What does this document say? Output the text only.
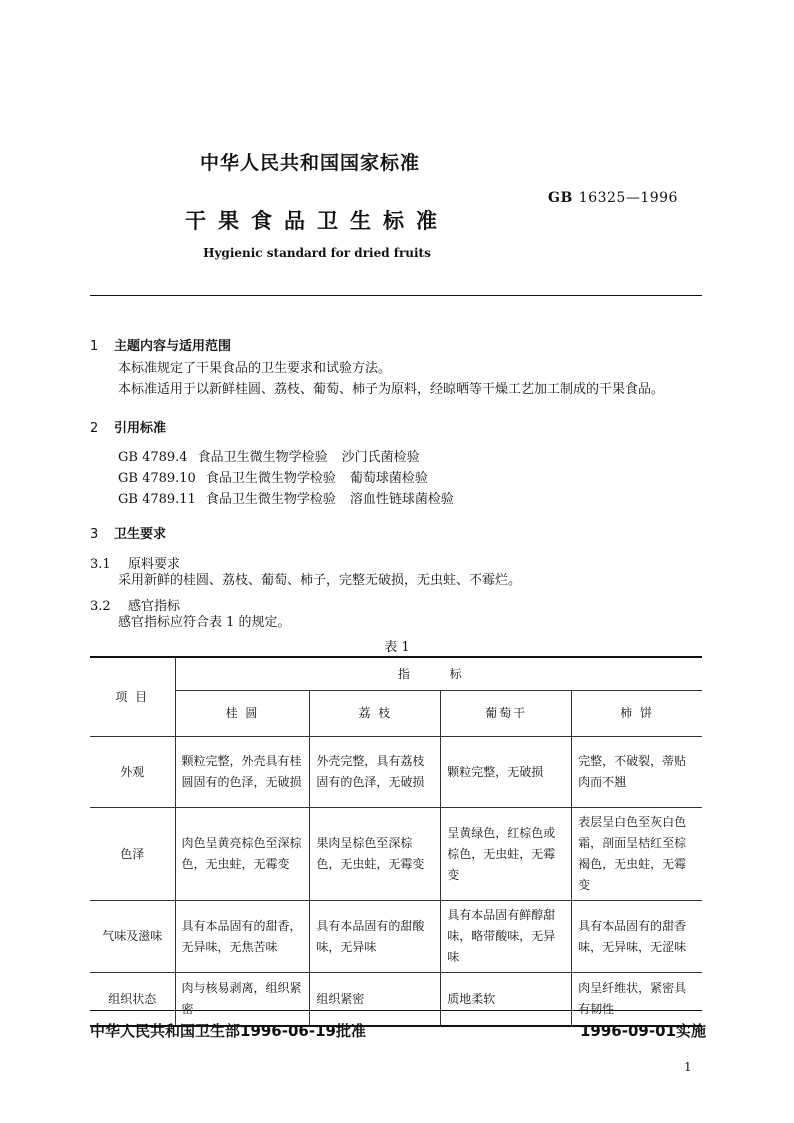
中华人民共和国国家标准
GB 16325—1996
干果食品卫生标准
Hygienic standard for dried fruits
1 主题内容与适用范围
本标准规定了干果食品的卫生要求和试验方法。
本标准适用于以新鲜桂圆、荔枝、葡萄、柿子为原料，经晾晒等干燥工艺加工制成的干果食品。
2 引用标准
GB 4789.4 食品卫生微生物学检验 沙门氏菌检验
GB 4789.10 食品卫生微生物学检验 葡萄球菌检验
GB 4789.11 食品卫生微生物学检验 溶血性链球菌检验
3 卫生要求
3.1 原料要求
采用新鲜的桂圆、荔枝、葡萄、柿子，完整无破损，无虫蛀、不霉烂。
3.2 感官指标
感官指标应符合表 1 的规定。
表 1
项 目	指 标			
	桂 圆	荔 枝	葡萄干	柿 饼
外观	颗粒完整，外壳具有桂圆固有的色泽，无破损	外壳完整，具有荔枝固有的色泽，无破损	颗粒完整，无破损	完整，不破裂，蒂贴肉而不翘
色泽	肉色呈黄亮棕色至深棕色，无虫蛀，无霉变	果肉呈棕色至深棕色，无虫蛀，无霉变	呈黄绿色，红棕色或棕色，无虫蛀，无霉变	表层呈白色至灰白色霜，剖面呈桔红至棕褐色，无虫蛀，无霉变
气味及滋味	具有本品固有的甜香，无异味，无焦苦味	具有本品固有的甜酸味，无异味	具有本品固有鲜醇甜味，略带酸味，无异味	具有本品固有的甜香味，无异味，无涩味
组织状态	肉与核易剥离，组织紧密	组织紧密	质地柔软	肉呈纤维状，紧密具有韧性
中华人民共和国卫生部1996-06-19批准	1996-09-01实施
1
